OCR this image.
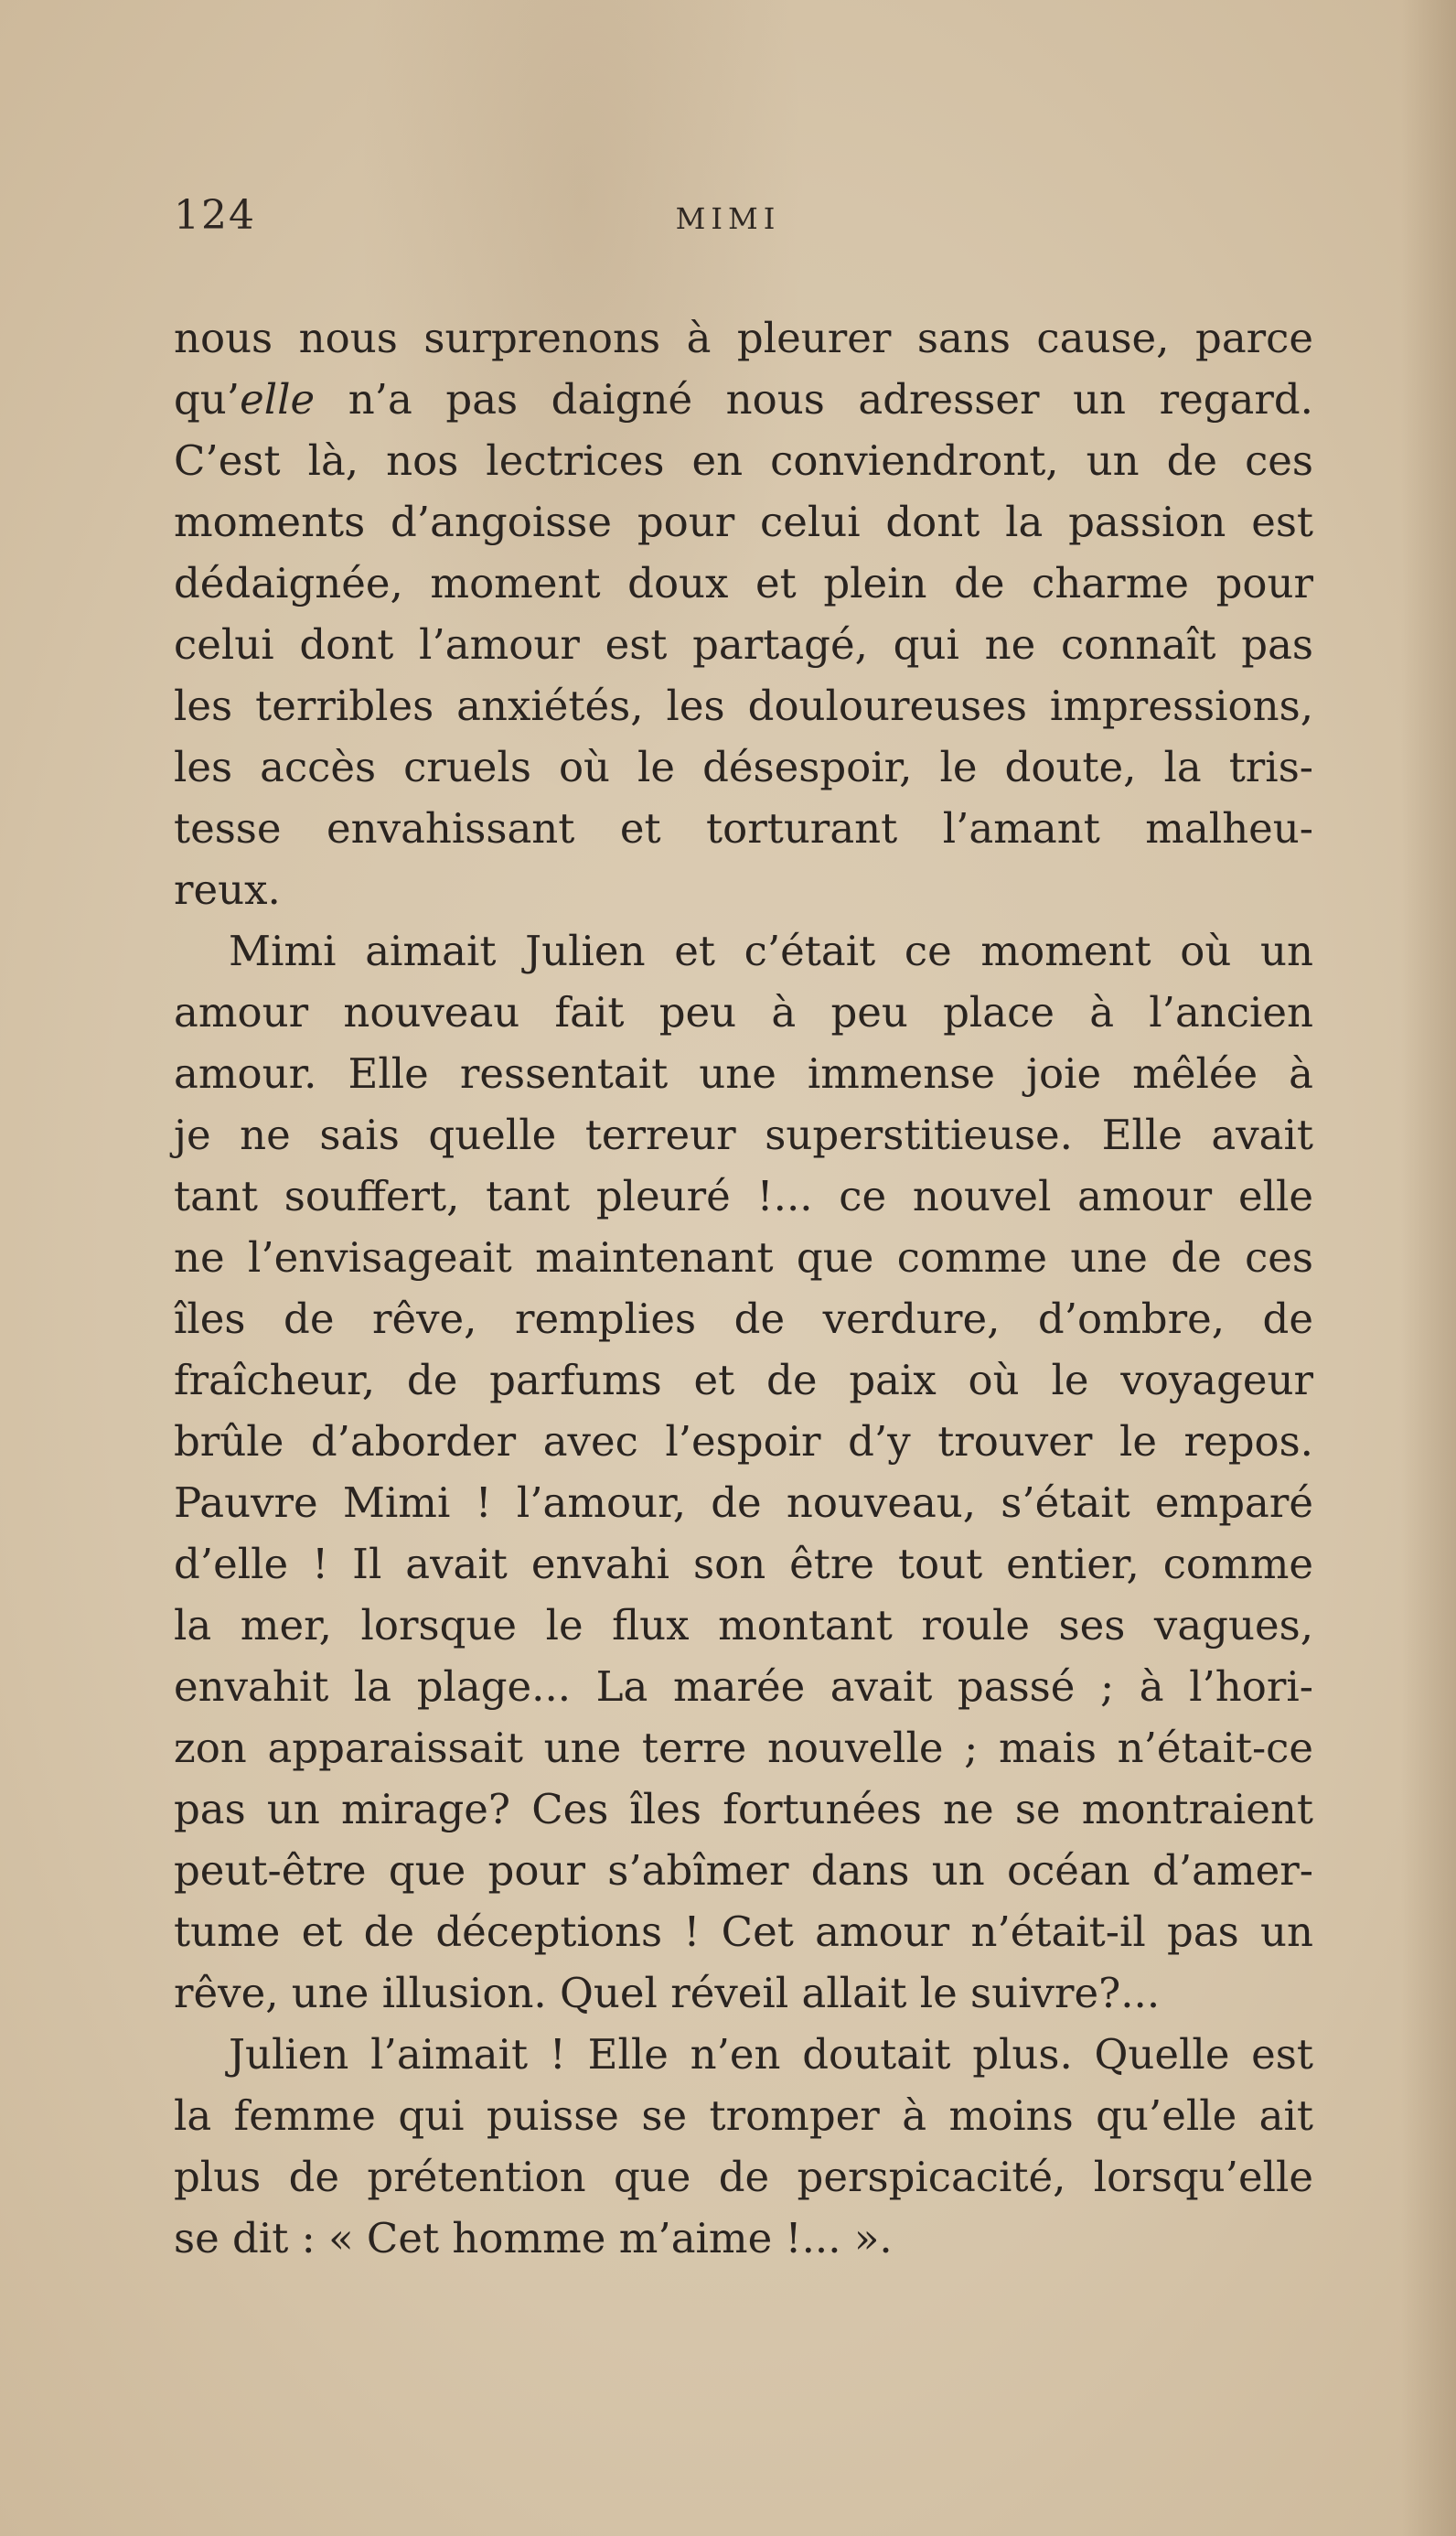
124	MIMI
nous nous surprenons à pleurer sans cause, parce
qu’elle n’a pas daigné nous adresser un regard.
C’est là, nos lectrices en conviendront, un de ces
moments d’angoisse pour celui dont la passion est
dédaignée, moment doux et plein de charme pour
celui dont l’amour est partagé, qui ne connaît pas
les terribles anxiétés, les douloureuses impressions,
les accès cruels où le désespoir, le doute, la tris-
tesse envahissant et torturant l’amant malheu-
reux.
Mimi aimait Julien et c’était ce moment où un
amour nouveau fait peu à peu place à l’ancien
amour. Elle ressentait une immense joie mêlée à
je ne sais quelle terreur superstitieuse. Elle avait
tant souffert, tant pleuré !... ce nouvel amour elle
ne l’envisageait maintenant que comme une de ces
îles de rêve, remplies de verdure, d’ombre, de
fraîcheur, de parfums et de paix où le voyageur
brûle d’aborder avec l’espoir d’y trouver le repos.
Pauvre Mimi ! l’amour, de nouveau, s’était emparé
d’elle ! Il avait envahi son être tout entier, comme
la mer, lorsque le flux montant roule ses vagues,
envahit la plage... La marée avait passé ; à l’hori-
zon apparaissait une terre nouvelle ; mais n’était-ce
pas un mirage? Ces îles fortunées ne se montraient
peut-être que pour s’abîmer dans un océan d’amer-
tume et de déceptions ! Cet amour n’était-il pas un
rêve, une illusion. Quel réveil allait le suivre?...
Julien l’aimait ! Elle n’en doutait plus. Quelle est
la femme qui puisse se tromper à moins qu’elle ait
plus de prétention que de perspicacité, lorsqu’elle
se dit : « Cet homme m’aime !... ».
